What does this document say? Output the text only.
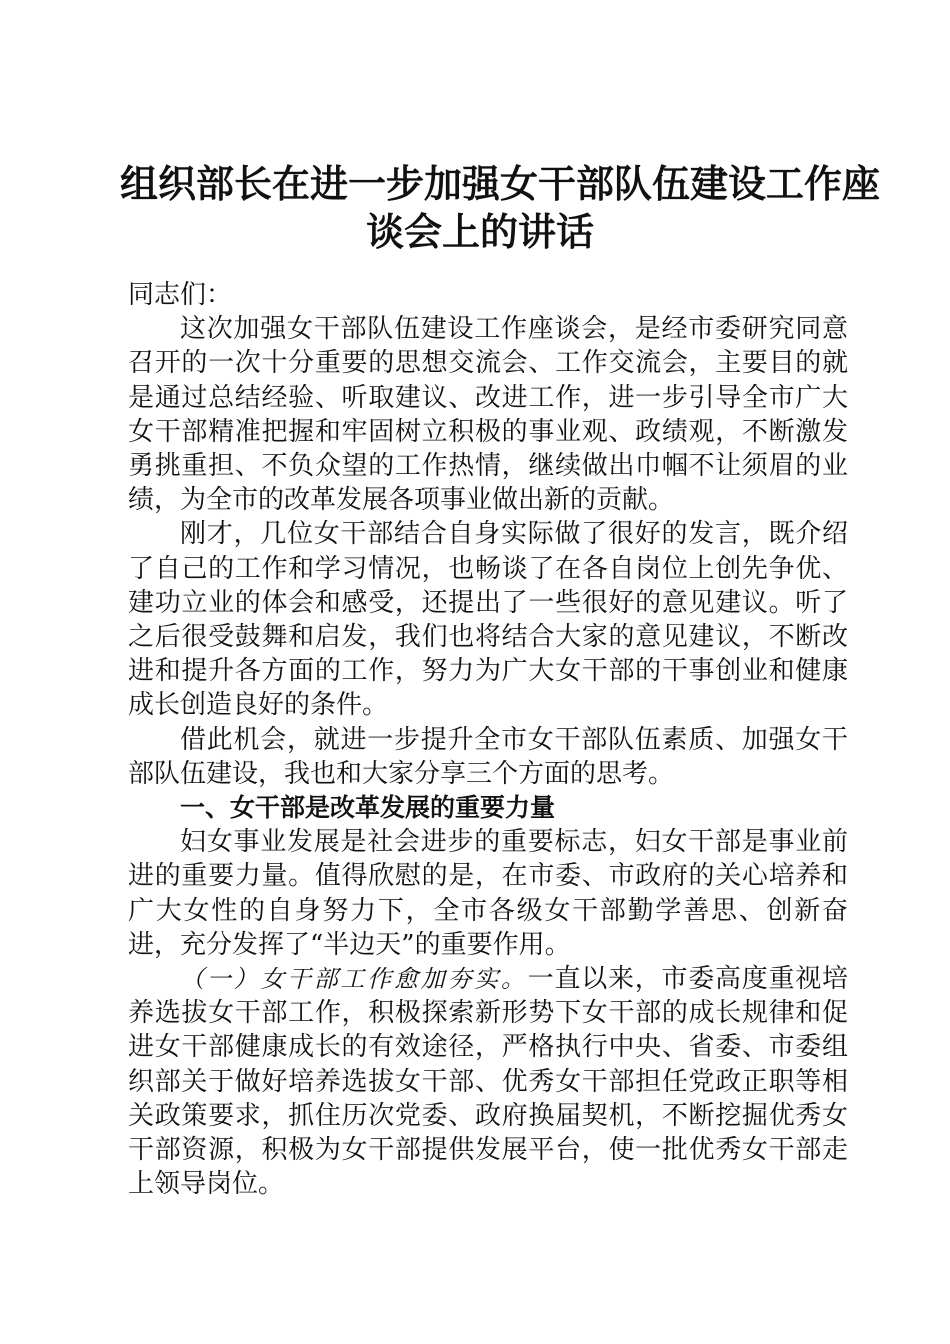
组织部长在进一步加强女干部队伍建设工作座
谈会上的讲话

同志们：

这次加强女干部队伍建设工作座谈会，是经市委研究同意召开的一次十分重要的思想交流会、工作交流会，主要目的就是通过总结经验、听取建议、改进工作，进一步引导全市广大女干部精准把握和牢固树立积极的事业观、政绩观，不断激发勇挑重担、不负众望的工作热情，继续做出巾帼不让须眉的业绩，为全市的改革发展各项事业做出新的贡献。

刚才，几位女干部结合自身实际做了很好的发言，既介绍了自己的工作和学习情况，也畅谈了在各自岗位上创先争优、建功立业的体会和感受，还提出了一些很好的意见建议。听了之后很受鼓舞和启发，我们也将结合大家的意见建议，不断改进和提升各方面的工作，努力为广大女干部的干事创业和健康成长创造良好的条件。

借此机会，就进一步提升全市女干部队伍素质、加强女干部队伍建设，我也和大家分享三个方面的思考。

一、女干部是改革发展的重要力量

妇女事业发展是社会进步的重要标志，妇女干部是事业前进的重要力量。值得欣慰的是，在市委、市政府的关心培养和广大女性的自身努力下，全市各级女干部勤学善思、创新奋进，充分发挥了“半边天”的重要作用。

（一）女干部工作愈加夯实。一直以来，市委高度重视培养选拔女干部工作，积极探索新形势下女干部的成长规律和促进女干部健康成长的有效途径，严格执行中央、省委、市委组织部关于做好培养选拔女干部、优秀女干部担任党政正职等相关政策要求，抓住历次党委、政府换届契机，不断挖掘优秀女干部资源，积极为女干部提供发展平台，使一批优秀女干部走上领导岗位。
